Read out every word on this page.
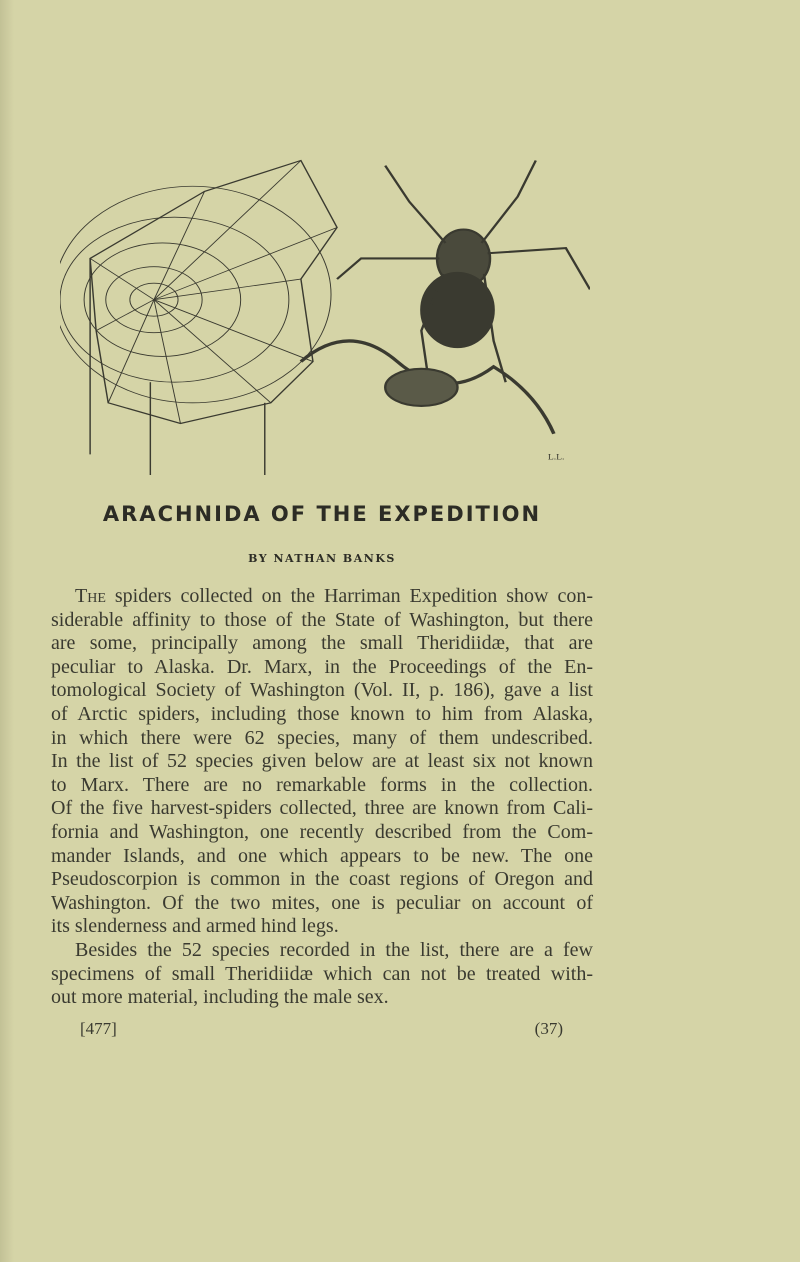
L.L.
ARACHNIDA OF THE EXPEDITION
BY NATHAN BANKS
The spiders collected on the Harriman Expedition show con-
siderable affinity to those of the State of Washington, but there
are some, principally among the small Theridiidæ, that are
peculiar to Alaska. Dr. Marx, in the Proceedings of the En-
tomological Society of Washington (Vol. II, p. 186), gave a list
of Arctic spiders, including those known to him from Alaska,
in which there were 62 species, many of them undescribed.
In the list of 52 species given below are at least six not known
to Marx. There are no remarkable forms in the collection.
Of the five harvest-spiders collected, three are known from Cali-
fornia and Washington, one recently described from the Com-
mander Islands, and one which appears to be new. The one
Pseudoscorpion is common in the coast regions of Oregon and
Washington. Of the two mites, one is peculiar on account of
its slenderness and armed hind legs.
Besides the 52 species recorded in the list, there are a few
specimens of small Theridiidæ which can not be treated with-
out more material, including the male sex.
[477]	(37)
